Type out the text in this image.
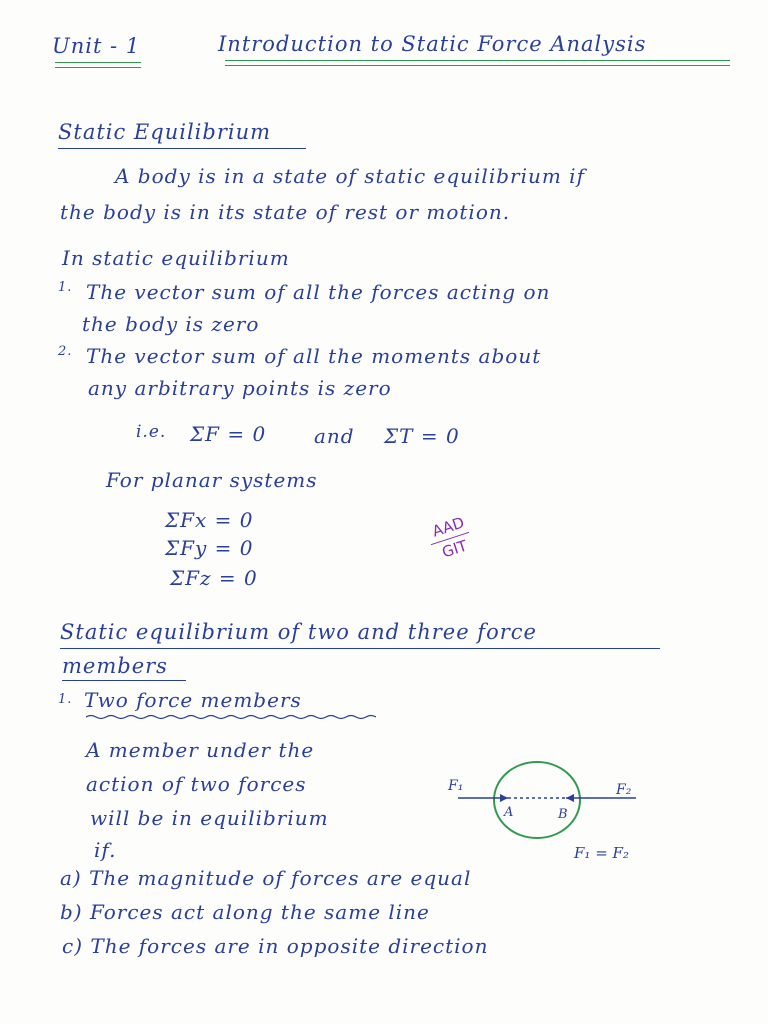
Unit - 1	Introduction to Static Force Analysis
Static Equilibrium
A body is in a state of static equilibrium if
the body is in its state of rest or motion.
In static equilibrium
1. The vector sum of all the forces acting on
the body is zero
2. The vector sum of all the moments about
any arbitrary points is zero
i.e. ΣF = 0 and ΣT = 0
For planar systems
ΣFx = 0
ΣFy = 0
ΣFz = 0
AAD
GIT
Static equilibrium of two and three force
members
1. Two force members
A member under the
action of two forces
will be in equilibrium
if.
a) The magnitude of forces are equal
b) Forces act along the same line
c) The forces are in opposite direction
F₁	F₂
A	B
F₁ = F₂
